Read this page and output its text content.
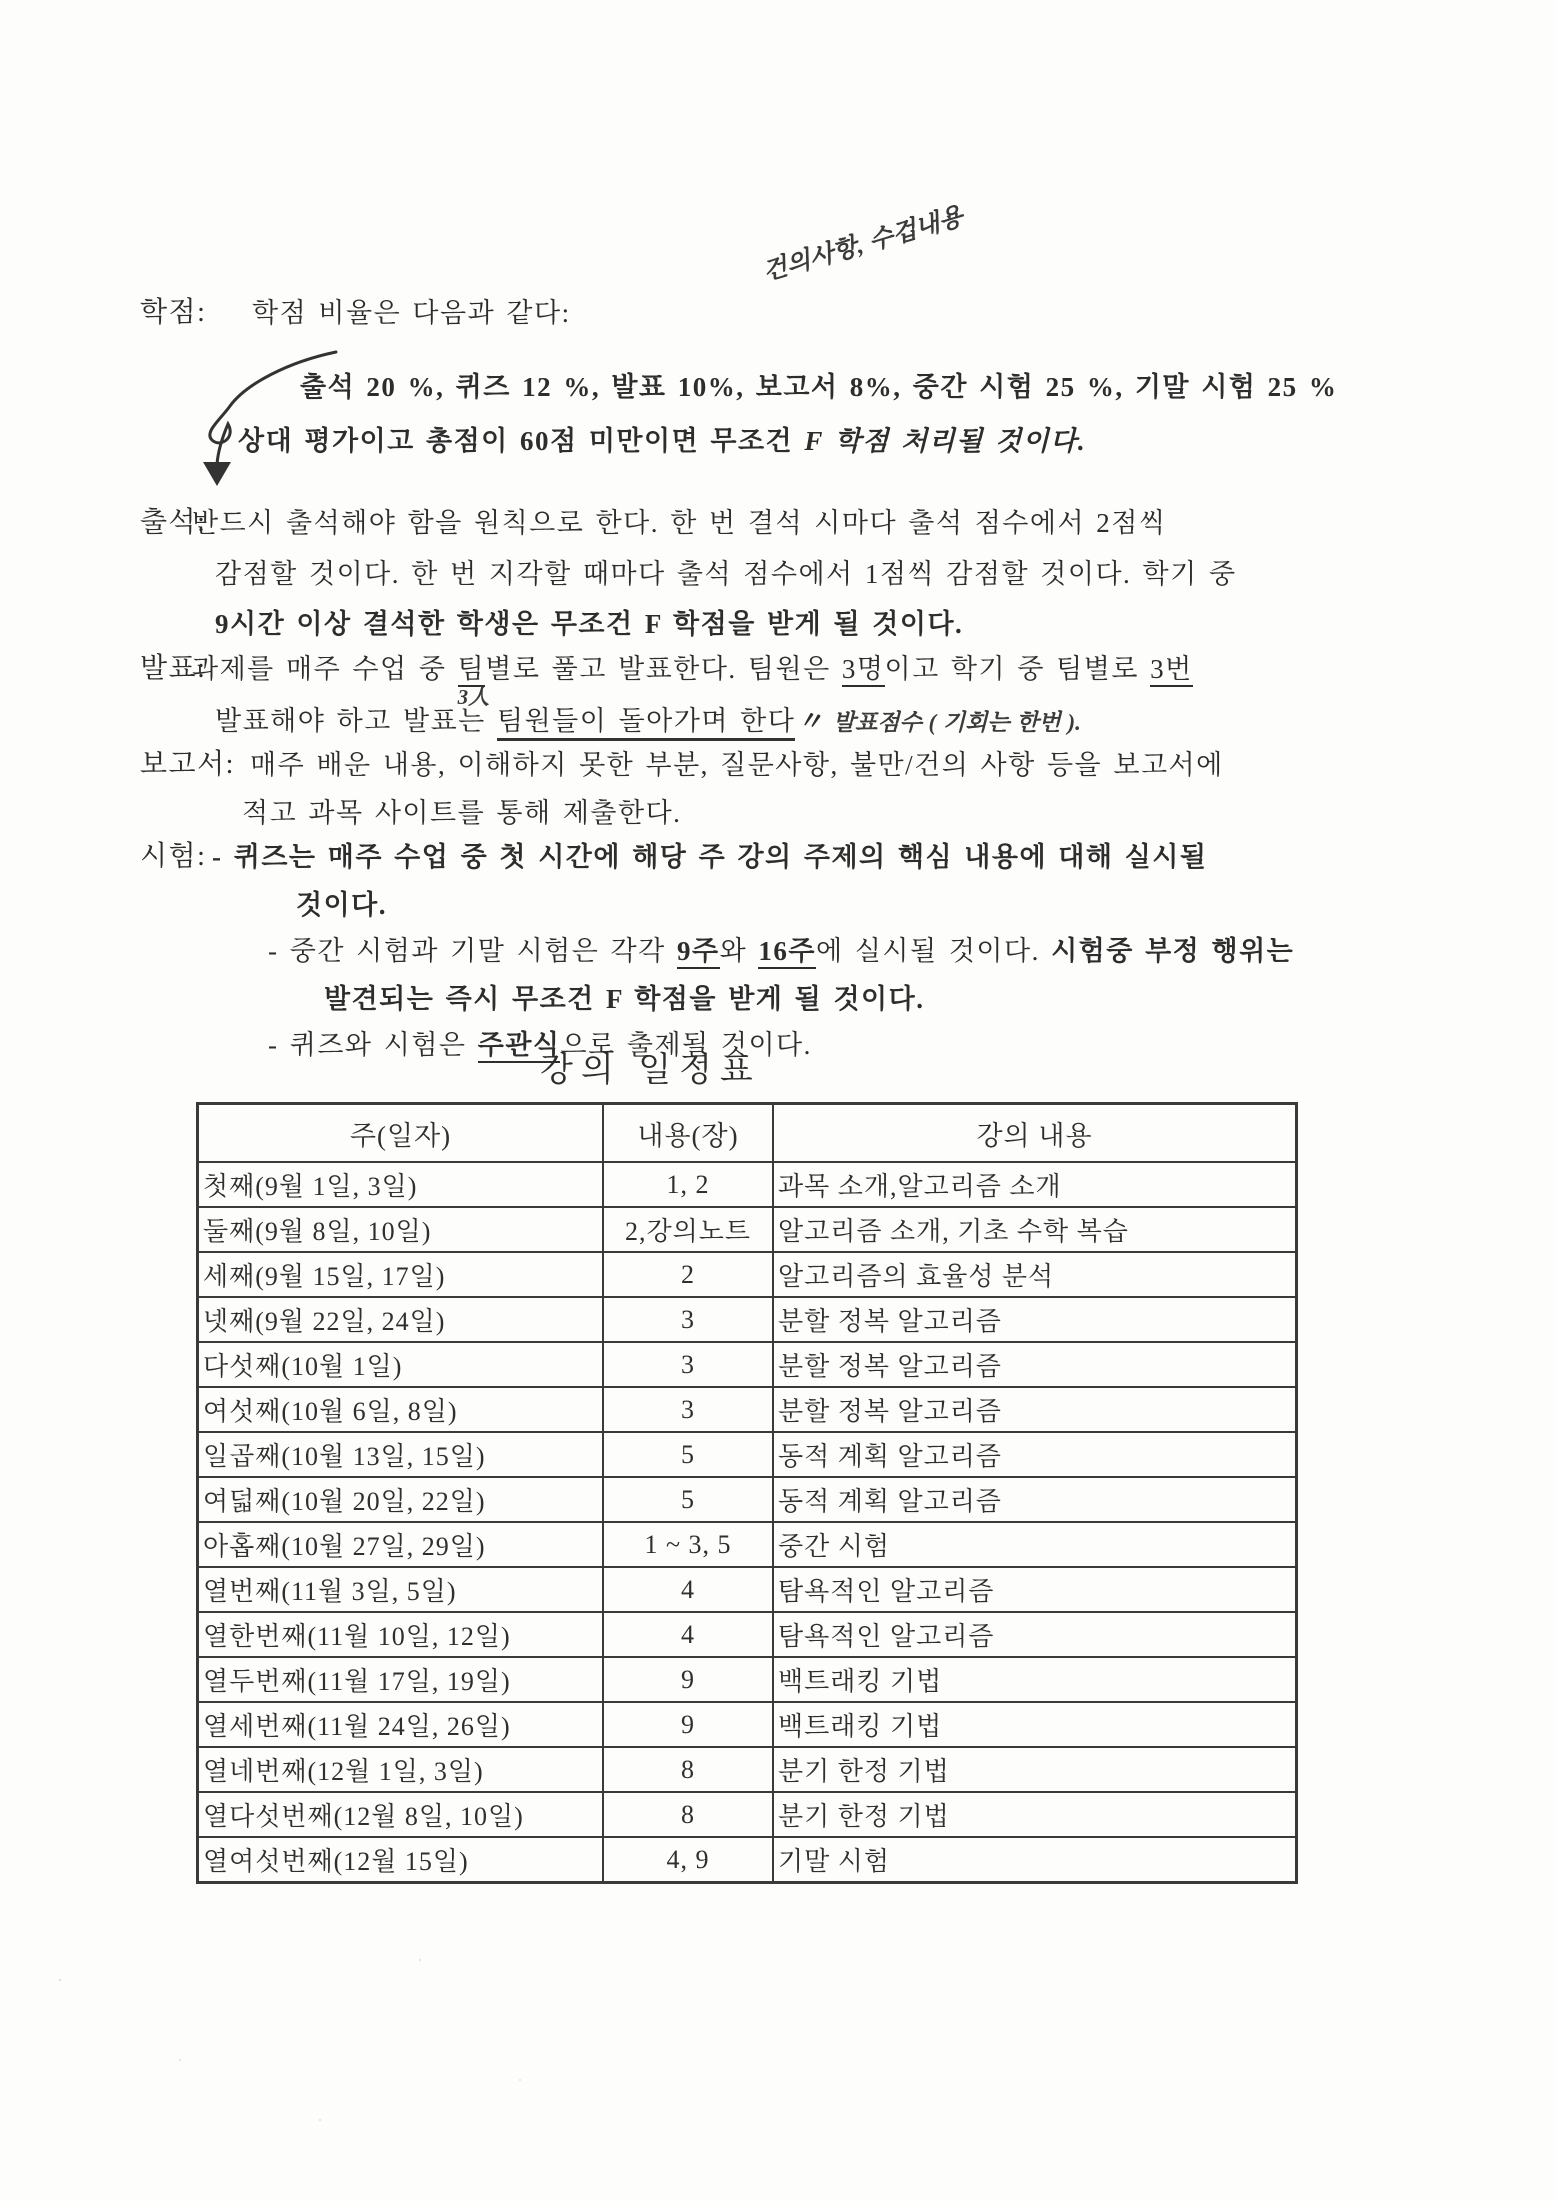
학점: 학점 비율은 다음과 같다:
건의사항, 수겁내용
출석 20 %, 퀴즈 12 %, 발표 10%, 보고서 8%, 중간 시험 25 %, 기말 시험 25 %
상대 평가이고 총점이 60점 미만이면 무조건 F 학점 처리될 것이다.
출석:
반드시 출석해야 함을 원칙으로 한다. 한 번 결석 시마다 출석 점수에서 2점씩
감점할 것이다. 한 번 지각할 때마다 출석 점수에서 1점씩 감점할 것이다. 학기 중
9시간 이상 결석한 학생은 무조건 F 학점을 받게 될 것이다.
발표:
과제를 매주 수업 중 팀
3人
별로 풀고 발표한다. 팀원은 3명이고 학기 중 팀별로 3번
발표해야 하고 발표는 팀원들이 돌아가며 한다〃 발표점수 ( 기회는 한번 ).
보고서: 매주 배운 내용, 이해하지 못한 부분, 질문사항, 불만/건의 사항 등을 보고서에
적고 과목 사이트를 통해 제출한다.
시험: - 퀴즈는 매주 수업 중 첫 시간에 해당 주 강의 주제의 핵심 내용에 대해 실시될
것이다.
- 중간 시험과 기말 시험은 각각 9주와 16주에 실시될 것이다. 시험중 부정 행위는
발견되는 즉시 무조건 F 학점을 받게 될 것이다.
- 퀴즈와 시험은 주관식으로 출제될 것이다.
강의 일정표
주(일자)	내용(장)	강의 내용
첫째(9월 1일, 3일)	1, 2	과목 소개,알고리즘 소개
둘째(9월 8일, 10일)	2,강의노트	알고리즘 소개, 기초 수학 복습
세째(9월 15일, 17일)	2	알고리즘의 효율성 분석
넷째(9월 22일, 24일)	3	분할 정복 알고리즘
다섯째(10월 1일)	3	분할 정복 알고리즘
여섯째(10월 6일, 8일)	3	분할 정복 알고리즘
일곱째(10월 13일, 15일)	5	동적 계획 알고리즘
여덟째(10월 20일, 22일)	5	동적 계획 알고리즘
아홉째(10월 27일, 29일)	1 ~ 3, 5	중간 시험
열번째(11월 3일, 5일)	4	탐욕적인 알고리즘
열한번째(11월 10일, 12일)	4	탐욕적인 알고리즘
열두번째(11월 17일, 19일)	9	백트래킹 기법
열세번째(11월 24일, 26일)	9	백트래킹 기법
열네번째(12월 1일, 3일)	8	분기 한정 기법
열다섯번째(12월 8일, 10일)	8	분기 한정 기법
열여섯번째(12월 15일)	4, 9	기말 시험
